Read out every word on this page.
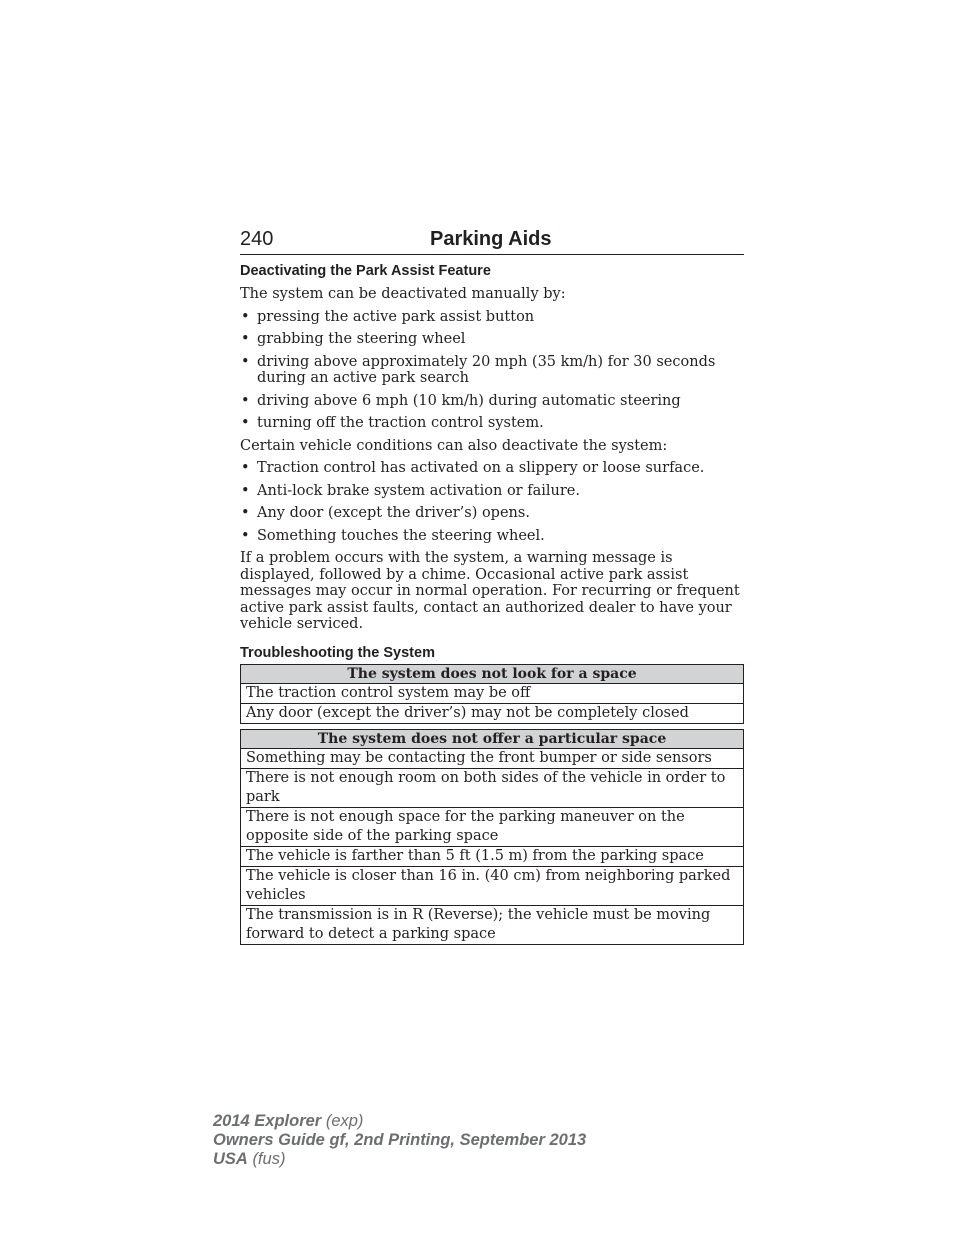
240	Parking Aids
Deactivating the Park Assist Feature

The system can be deactivated manually by:

• pressing the active park assist button
• grabbing the steering wheel
• driving above approximately 20 mph (35 km/h) for 30 seconds during an active park search
• driving above 6 mph (10 km/h) during automatic steering
• turning off the traction control system.

Certain vehicle conditions can also deactivate the system:

• Traction control has activated on a slippery or loose surface.
• Anti-lock brake system activation or failure.
• Any door (except the driver’s) opens.
• Something touches the steering wheel.

If a problem occurs with the system, a warning message is displayed, followed by a chime. Occasional active park assist messages may occur in normal operation. For recurring or frequent active park assist faults, contact an authorized dealer to have your vehicle serviced.

Troubleshooting the System
The system does not look for a space
The traction control system may be off
Any door (except the driver’s) may not be completely closed
The system does not offer a particular space
Something may be contacting the front bumper or side sensors
There is not enough room on both sides of the vehicle in order to park
There is not enough space for the parking maneuver on the opposite side of the parking space
The vehicle is farther than 5 ft (1.5 m) from the parking space
The vehicle is closer than 16 in. (40 cm) from neighboring parked vehicles
The transmission is in R (Reverse); the vehicle must be moving forward to detect a parking space
2014 Explorer (exp)
Owners Guide gf, 2nd Printing, September 2013
USA (fus)
